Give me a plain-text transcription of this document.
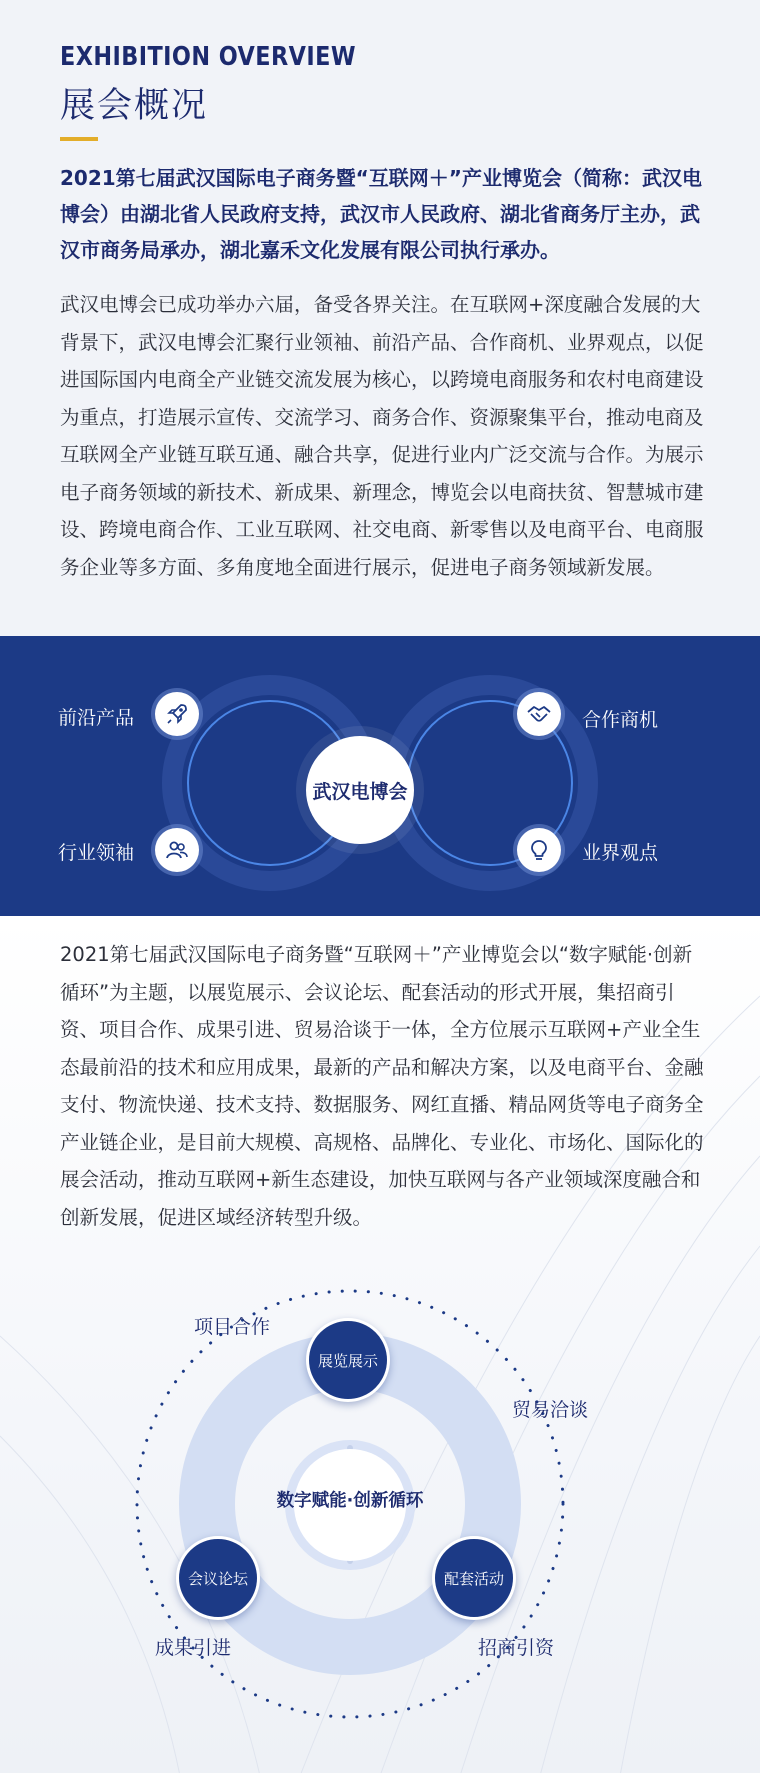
EXHIBITION OVERVIEW
展会概况

2021第七届武汉国际电子商务暨“互联网＋”产业博览会（简称：武汉电博会）由湖北省人民政府支持，武汉市人民政府、湖北省商务厅主办，武汉市商务局承办，湖北嘉禾文化发展有限公司执行承办。

武汉电博会已成功举办六届，备受各界关注。在互联网+深度融合发展的大背景下，武汉电博会汇聚行业领袖、前沿产品、合作商机、业界观点，以促进国际国内电商全产业链交流发展为核心，以跨境电商服务和农村电商建设为重点，打造展示宣传、交流学习、商务合作、资源聚集平台，推动电商及互联网全产业链互联互通、融合共享，促进行业内广泛交流与合作。为展示电子商务领域的新技术、新成果、新理念，博览会以电商扶贫、智慧城市建设、跨境电商合作、工业互联网、社交电商、新零售以及电商平台、电商服务企业等多方面、多角度地全面进行展示，促进电子商务领域新发展。

武汉电博会
前沿产品	合作商机
行业领袖	业界观点

2021第七届武汉国际电子商务暨“互联网＋”产业博览会以“数字赋能·创新循环”为主题，以展览展示、会议论坛、配套活动的形式开展，集招商引资、项目合作、成果引进、贸易洽谈于一体，全方位展示互联网+产业全生态最前沿的技术和应用成果，最新的产品和解决方案，以及电商平台、金融支付、物流快递、技术支持、数据服务、网红直播、精品网货等电子商务全产业链企业，是目前大规模、高规格、品牌化、专业化、市场化、国际化的展会活动，推动互联网+新生态建设，加快互联网与各产业领域深度融合和创新发展，促进区域经济转型升级。

数字赋能·创新循环
展览展示
会议论坛	配套活动
项目合作
贸易洽谈
成果引进	招商引资
